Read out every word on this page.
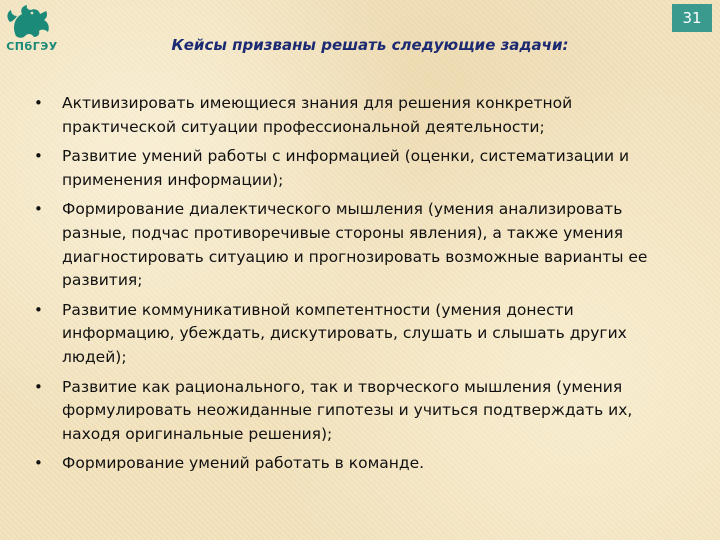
СПбГЭУ
31
Кейсы призваны решать следующие задачи:
•	Активизировать имеющиеся знания для решения конкретной практической ситуации профессиональной деятельности;
•	Развитие умений работы с информацией (оценки, систематизации и применения информации);
•	Формирование диалектического мышления (умения анализировать разные, подчас противоречивые стороны явления), а также умения диагностировать ситуацию и прогнозировать возможные варианты ее развития;
•	Развитие коммуникативной компетентности (умения донести информацию, убеждать, дискутировать, слушать и слышать других людей);
•	Развитие как рационального, так и творческого мышления (умения формулировать неожиданные гипотезы и учиться подтверждать их, находя оригинальные решения);
•	Формирование умений работать в команде.
